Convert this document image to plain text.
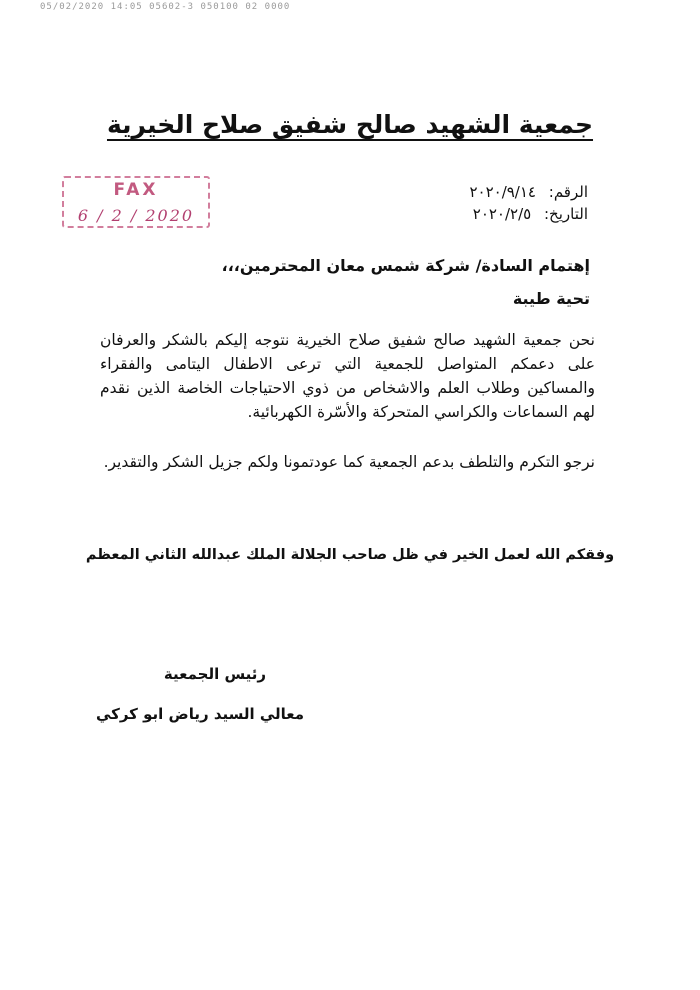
05/02/2020 14:05 05602-3 050100 02 0000
جمعية الشهيد صالح شفيق صلاح الخيرية
الرقم: ٢٠٢٠/٩/١٤
التاريخ: ٢٠٢٠/٢/٥
FAX
6 / 2 / 2020
إهتمام السادة/ شركة شمس معان المحترمين،،،
تحية طيبة
نحن جمعية الشهيد صالح شفيق صلاح الخيرية نتوجه إليكم بالشكر والعرفان على دعمكم المتواصل للجمعية التي ترعى الاطفال اليتامى والفقراء والمساكين وطلاب العلم والاشخاص من ذوي الاحتياجات الخاصة الذين نقدم لهم السماعات والكراسي المتحركة والأسّرة الكهربائية.
نرجو التكرم والتلطف بدعم الجمعية كما عودتمونا ولكم جزيل الشكر والتقدير.
وفقكم الله لعمل الخير في ظل صاحب الجلالة الملك عبدالله الثاني المعظم
رئيس الجمعية
معالي السيد رياض ابو كركي
